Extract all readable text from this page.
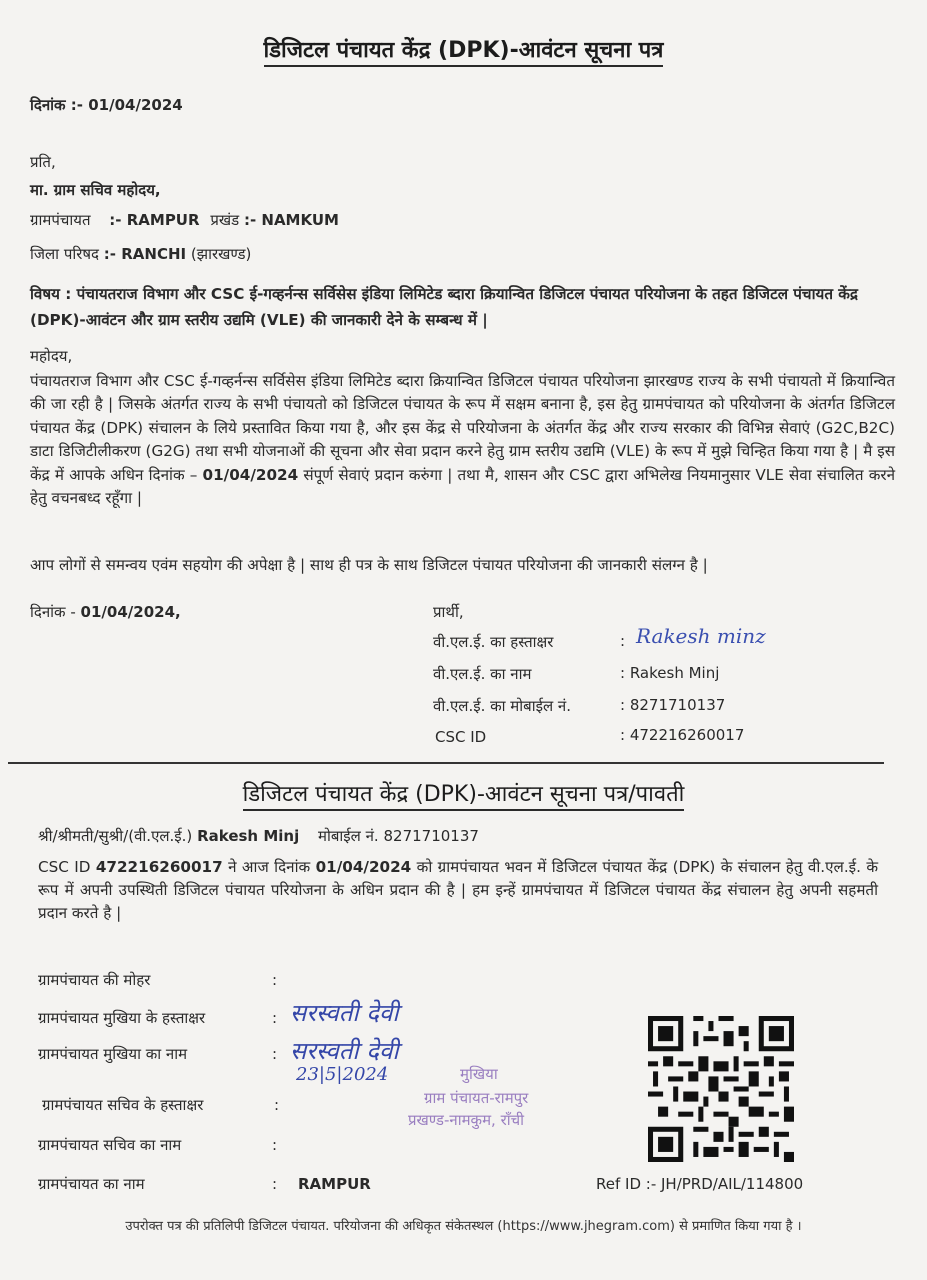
डिजिटल पंचायत केंद्र (DPK)-आवंटन सूचना पत्र
दिनांक :- 01/04/2024
प्रति,
मा. ग्राम सचिव महोदय,
ग्रामपंचायत :- RAMPUR प्रखंड :- NAMKUM
जिला परिषद :- RANCHI (झारखण्ड)

विषय : पंचायतराज विभाग और CSC ई-गव्हर्नन्स सर्विसेस इंडिया लिमिटेड ब्दारा क्रियान्वित डिजिटल पंचायत परियोजना के तहत डिजिटल पंचायत केंद्र (DPK)-आवंटन और ग्राम स्तरीय उद्यमि (VLE) की जानकारी देने के सम्बन्ध में |

महोदय,

पंचायतराज विभाग और CSC ई-गव्हर्नन्स सर्विसेस इंडिया लिमिटेड ब्दारा क्रियान्वित डिजिटल पंचायत परियोजना झारखण्ड राज्य के सभी पंचायतो में क्रियान्वित की जा रही है | जिसके अंतर्गत राज्य के सभी पंचायतो को डिजिटल पंचायत के रूप में सक्षम बनाना है, इस हेतु ग्रामपंचायत को परियोजना के अंतर्गत डिजिटल पंचायत केंद्र (DPK) संचालन के लिये प्रस्तावित किया गया है, और इस केंद्र से परियोजना के अंतर्गत केंद्र और राज्य सरकार की विभिन्न सेवाएं (G2C,B2C) डाटा डिजिटीलीकरण (G2G) तथा सभी योजनाओं की सूचना और सेवा प्रदान करने हेतु ग्राम स्तरीय उद्यमि (VLE) के रूप में मुझे चिन्हित किया गया है | मै इस केंद्र में आपके अधिन दिनांक – 01/04/2024 संपूर्ण सेवाएं प्रदान करुंगा | तथा मै, शासन और CSC द्वारा अभिलेख नियमानुसार VLE सेवा संचालित करने हेतु वचनबध्द रहूँगा |

आप लोगों से समन्वय एवंम सहयोग की अपेक्षा है | साथ ही पत्र के साथ डिजिटल पंचायत परियोजना की जानकारी संलग्न है |

दिनांक - 01/04/2024,	प्रार्थी,
वी.एल.ई. का हस्ताक्षर	: Rakesh minz
वी.एल.ई. का नाम	: Rakesh Minj
वी.एल.ई. का मोबाईल नं.	: 8271710137
CSC ID	: 472216260017
डिजिटल पंचायत केंद्र (DPK)-आवंटन सूचना पत्र/पावती
श्री/श्रीमती/सुश्री/(वी.एल.ई.) Rakesh Minj मोबाईल नं. 8271710137

CSC ID 472216260017 ने आज दिनांक 01/04/2024 को ग्रामपंचायत भवन में डिजिटल पंचायत केंद्र (DPK) के संचालन हेतु वी.एल.ई. के रूप में अपनी उपस्थिती डिजिटल पंचायत परियोजना के अधिन प्रदान की है | हम इन्हें ग्रामपंचायत में डिजिटल पंचायत केंद्र संचालन हेतु अपनी सहमती प्रदान करते है |

ग्रामपंचायत की मोहर	:
ग्रामपंचायत मुखिया के हस्ताक्षर	: सरस्वती देवी
ग्रामपंचायत मुखिया का नाम	: सरस्वती देवी
23|5|2024	मुखिया
ग्राम पंचायत-रामपुर
प्रखण्ड-नामकुम, राँची
ग्रामपंचायत सचिव के हस्ताक्षर	:
ग्रामपंचायत सचिव का नाम	:
ग्रामपंचायत का नाम	: RAMPUR	Ref ID :- JH/PRD/AIL/114800
उपरोक्त पत्र की प्रतिलिपी डिजिटल पंचायत. परियोजना की अधिकृत संकेतस्थल (https://www.jhegram.com) से प्रमाणित किया गया है ।
